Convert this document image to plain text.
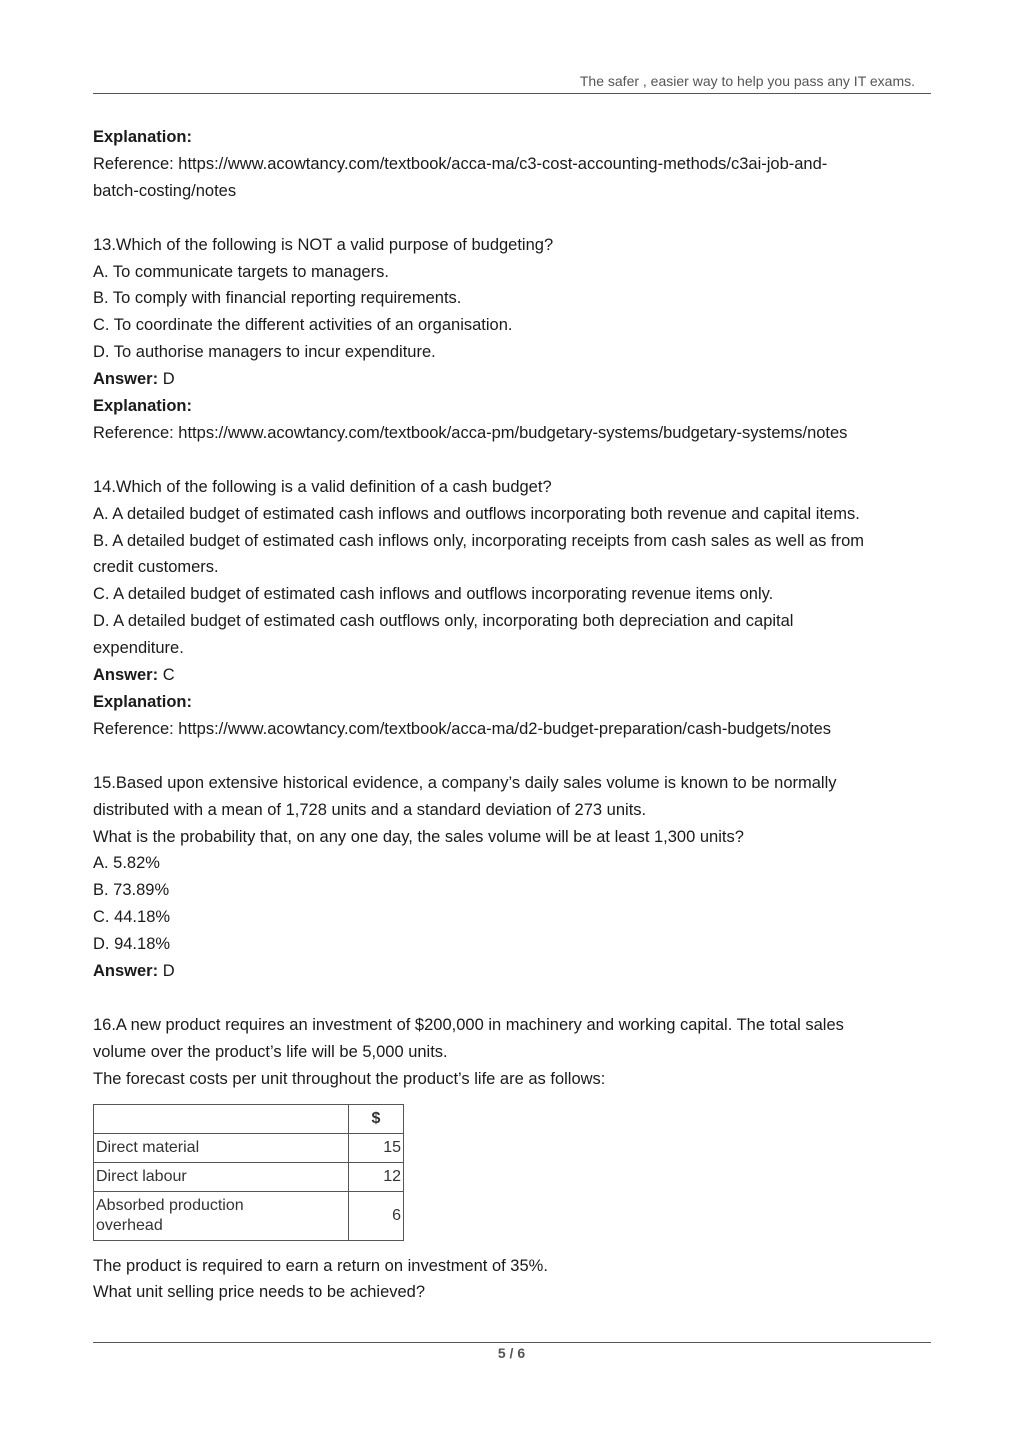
The safer , easier way to help you pass any IT exams.
Explanation:
Reference: https://www.acowtancy.com/textbook/acca-ma/c3-cost-accounting-methods/c3ai-job-and-
batch-costing/notes
13.Which of the following is NOT a valid purpose of budgeting?
A. To communicate targets to managers.
B. To comply with financial reporting requirements.
C. To coordinate the different activities of an organisation.
D. To authorise managers to incur expenditure.
Answer: D
Explanation:
Reference: https://www.acowtancy.com/textbook/acca-pm/budgetary-systems/budgetary-systems/notes
14.Which of the following is a valid definition of a cash budget?
A. A detailed budget of estimated cash inflows and outflows incorporating both revenue and capital items.
B. A detailed budget of estimated cash inflows only, incorporating receipts from cash sales as well as from
credit customers.
C. A detailed budget of estimated cash inflows and outflows incorporating revenue items only.
D. A detailed budget of estimated cash outflows only, incorporating both depreciation and capital
expenditure.
Answer: C
Explanation:
Reference: https://www.acowtancy.com/textbook/acca-ma/d2-budget-preparation/cash-budgets/notes
15.Based upon extensive historical evidence, a company’s daily sales volume is known to be normally
distributed with a mean of 1,728 units and a standard deviation of 273 units.
What is the probability that, on any one day, the sales volume will be at least 1,300 units?
A. 5.82%
B. 73.89%
C. 44.18%
D. 94.18%
Answer: D
16.A new product requires an investment of $200,000 in machinery and working capital. The total sales
volume over the product’s life will be 5,000 units.
The forecast costs per unit throughout the product’s life are as follows:
	$
Direct material	15
Direct labour	12
Absorbed production
overhead	6
The product is required to earn a return on investment of 35%.
What unit selling price needs to be achieved?
5 / 6
